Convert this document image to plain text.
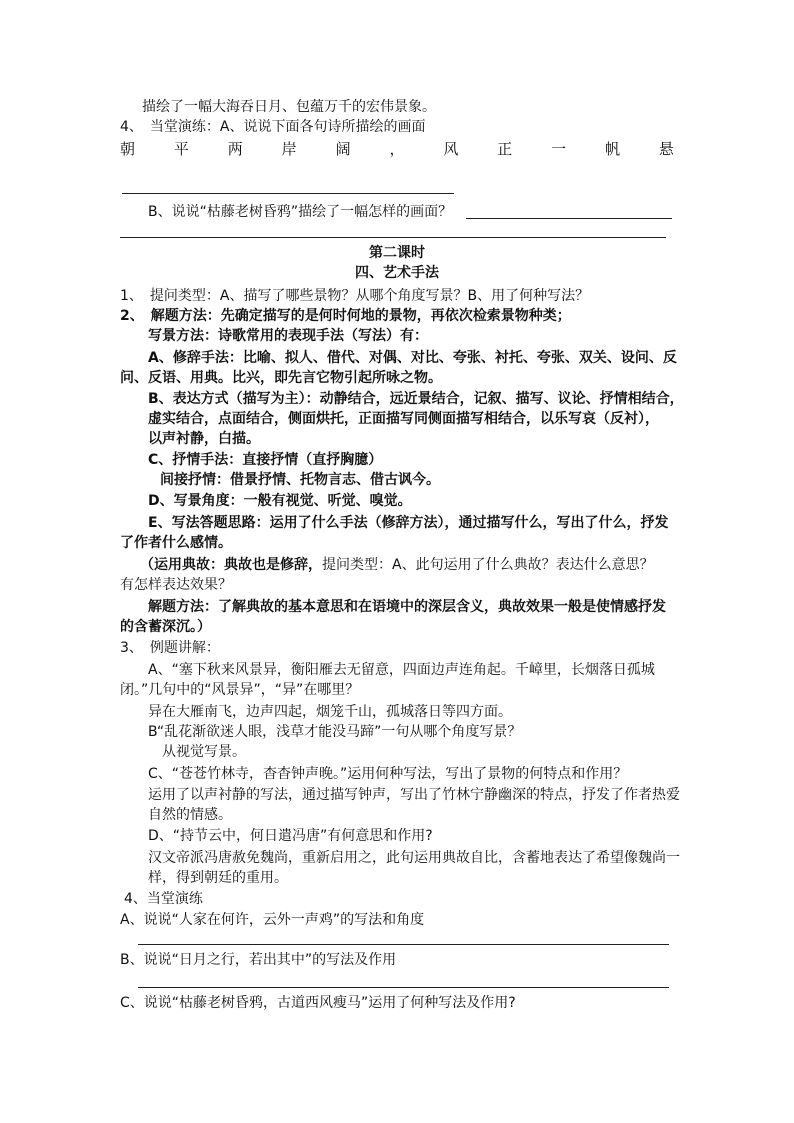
描绘了一幅大海吞日月、包蕴万千的宏伟景象。
4、　当堂演练：A、说说下面各句诗所描绘的画面
朝	平	两	岸	阔	，	风	正	一	帆	悬
B、说说“枯藤老树昏鸦”描绘了一幅怎样的画面？
第二课时
四、艺术手法
1、　提问类型：A、描写了哪些景物？从哪个角度写景？B、用了何种写法？
2、　解题方法：先确定描写的是何时何地的景物，再依次检索景物种类；
写景方法：诗歌常用的表现手法（写法）有：
A、修辞手法：比喻、拟人、借代、对偶、对比、夸张、衬托、夸张、双关、设问、反
问、反语、用典。比兴，即先言它物引起所咏之物。
B、表达方式（描写为主）：动静结合，远近景结合，记叙、描写、议论、抒情相结合，
虚实结合，点面结合，侧面烘托，正面描写同侧面描写相结合，以乐写哀（反衬），
以声衬静，白描。
C、抒情手法：直接抒情（直抒胸臆）
间接抒情：借景抒情、托物言志、借古讽今。
D、写景角度：一般有视觉、听觉、嗅觉。
E、写法答题思路：运用了什么手法（修辞方法），通过描写什么，写出了什么，抒发
了作者什么感情。
（运用典故：典故也是修辞，提问类型：A、此句运用了什么典故？表达什么意思？
有怎样表达效果？
解题方法：了解典故的基本意思和在语境中的深层含义，典故效果一般是使情感抒发
的含蓄深沉。）
3、　例题讲解：
A、“塞下秋来风景异，衡阳雁去无留意，四面边声连角起。千嶂里，长烟落日孤城
闭。”几句中的“风景异”，“异”在哪里？
异在大雁南飞，边声四起，烟笼千山，孤城落日等四方面。
B“乱花渐欲迷人眼，浅草才能没马蹄”一句从哪个角度写景？
从视觉写景。
C、“苍苍竹林寺，杳杳钟声晚。”运用何种写法，写出了景物的何特点和作用？
运用了以声衬静的写法，通过描写钟声，写出了竹林宁静幽深的特点，抒发了作者热爱
自然的情感。
D、“持节云中，何日遣冯唐”有何意思和作用?
汉文帝派冯唐赦免魏尚，重新启用之，此句运用典故自比，含蓄地表达了希望像魏尚一
样，得到朝廷的重用。
4、当堂演练
A、说说“人家在何许，云外一声鸡”的写法和角度
B、说说“日月之行，若出其中”的写法及作用
C、说说“枯藤老树昏鸦，古道西风瘦马”运用了何种写法及作用?
